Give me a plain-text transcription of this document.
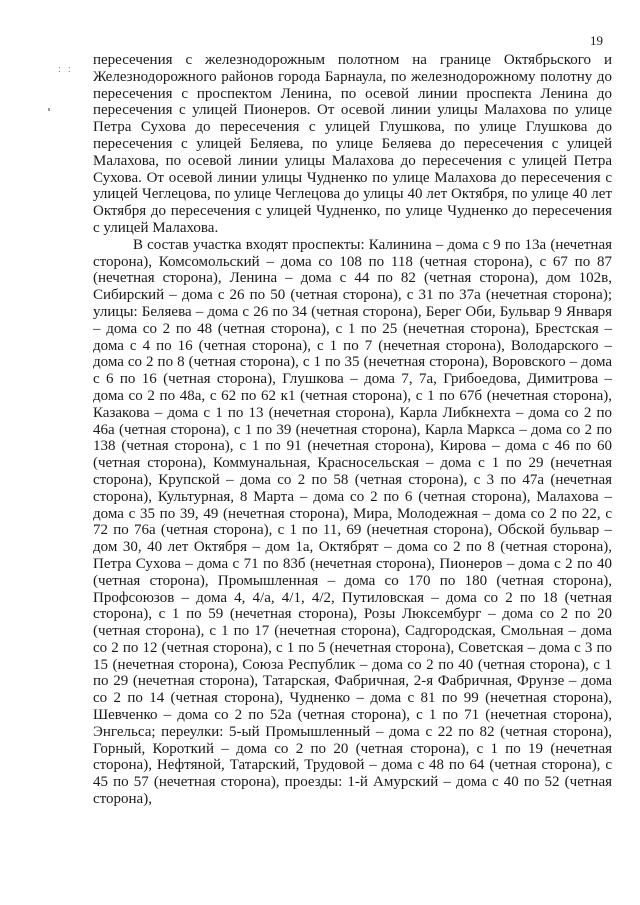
19
: :

пересечения с железнодорожным полотном на границе Октябрьского и Железнодорожного районов города Барнаула, по железнодорожному полотну до пересечения с проспектом Ленина, по осевой линии проспекта Ленина до пересечения с улицей Пионеров. От осевой линии улицы Малахова по улице Петра Сухова до пересечения с улицей Глушкова, по улице Глушкова до пересечения с улицей Беляева, по улице Беляева до пересечения с улицей Малахова, по осевой линии улицы Малахова до пересечения с улицей Петра Сухова. От осевой линии улицы Чудненко по улице Малахова до пересечения с улицей Чеглецова, по улице Чеглецова до улицы 40 лет Октября, по улице 40 лет Октября до пересечения с улицей Чудненко, по улице Чудненко до пересечения с улицей Малахова.

В состав участка входят проспекты: Калинина – дома с 9 по 13а (нечетная сторона), Комсомольский – дома со 108 по 118 (четная сторона), с 67 по 87 (нечетная сторона), Ленина – дома с 44 по 82 (четная сторона), дом 102в, Сибирский – дома с 26 по 50 (четная сторона), с 31 по 37а (нечетная сторона); улицы: Беляева – дома с 26 по 34 (четная сторона), Берег Оби, Бульвар 9 Января – дома со 2 по 48 (четная сторона), с 1 по 25 (нечетная сторона), Брестская – дома с 4 по 16 (четная сторона), с 1 по 7 (нечетная сторона), Володарского – дома со 2 по 8 (четная сторона), с 1 по 35 (нечетная сторона), Воровского – дома с 6 по 16 (четная сторона), Глушкова – дома 7, 7а, Грибоедова, Димитрова – дома со 2 по 48а, с 62 по 62 к1 (четная сторона), с 1 по 67б (нечетная сторона), Казакова – дома с 1 по 13 (нечетная сторона), Карла Либкнехта – дома со 2 по 46а (четная сторона), с 1 по 39 (нечетная сторона), Карла Маркса – дома со 2 по 138 (четная сторона), с 1 по 91 (нечетная сторона), Кирова – дома с 46 по 60 (четная сторона), Коммунальная, Красносельская – дома с 1 по 29 (нечетная сторона), Крупской – дома со 2 по 58 (четная сторона), с 3 по 47а (нечетная сторона), Культурная, 8 Марта – дома со 2 по 6 (четная сторона), Малахова – дома с 35 по 39, 49 (нечетная сторона), Мира, Молодежная – дома со 2 по 22, с 72 по 76а (четная сторона), с 1 по 11, 69 (нечетная сторона), Обской бульвар – дом 30, 40 лет Октября – дом 1а, Октябрят – дома со 2 по 8 (четная сторона), Петра Сухова – дома с 71 по 83б (нечетная сторона), Пионеров – дома с 2 по 40 (четная сторона), Промышленная – дома со 170 по 180 (четная сторона), Профсоюзов – дома 4, 4/а, 4/1, 4/2, Путиловская – дома со 2 по 18 (четная сторона), с 1 по 59 (нечетная сторона), Розы Люксембург – дома со 2 по 20 (четная сторона), с 1 по 17 (нечетная сторона), Садгородская, Смольная – дома со 2 по 12 (четная сторона), с 1 по 5 (нечетная сторона), Советская – дома с 3 по 15 (нечетная сторона), Союза Республик – дома со 2 по 40 (четная сторона), с 1 по 29 (нечетная сторона), Татарская, Фабричная, 2-я Фабричная, Фрунзе – дома со 2 по 14 (четная сторона), Чудненко – дома с 81 по 99 (нечетная сторона), Шевченко – дома со 2 по 52а (четная сторона), с 1 по 71 (нечетная сторона), Энгельса; переулки: 5-ый Промышленный – дома с 22 по 82 (четная сторона), Горный, Короткий – дома со 2 по 20 (четная сторона), с 1 по 19 (нечетная сторона), Нефтяной, Татарский, Трудовой – дома с 48 по 64 (четная сторона), с 45 по 57 (нечетная сторона), проезды: 1-й Амурский – дома с 40 по 52 (четная сторона),
